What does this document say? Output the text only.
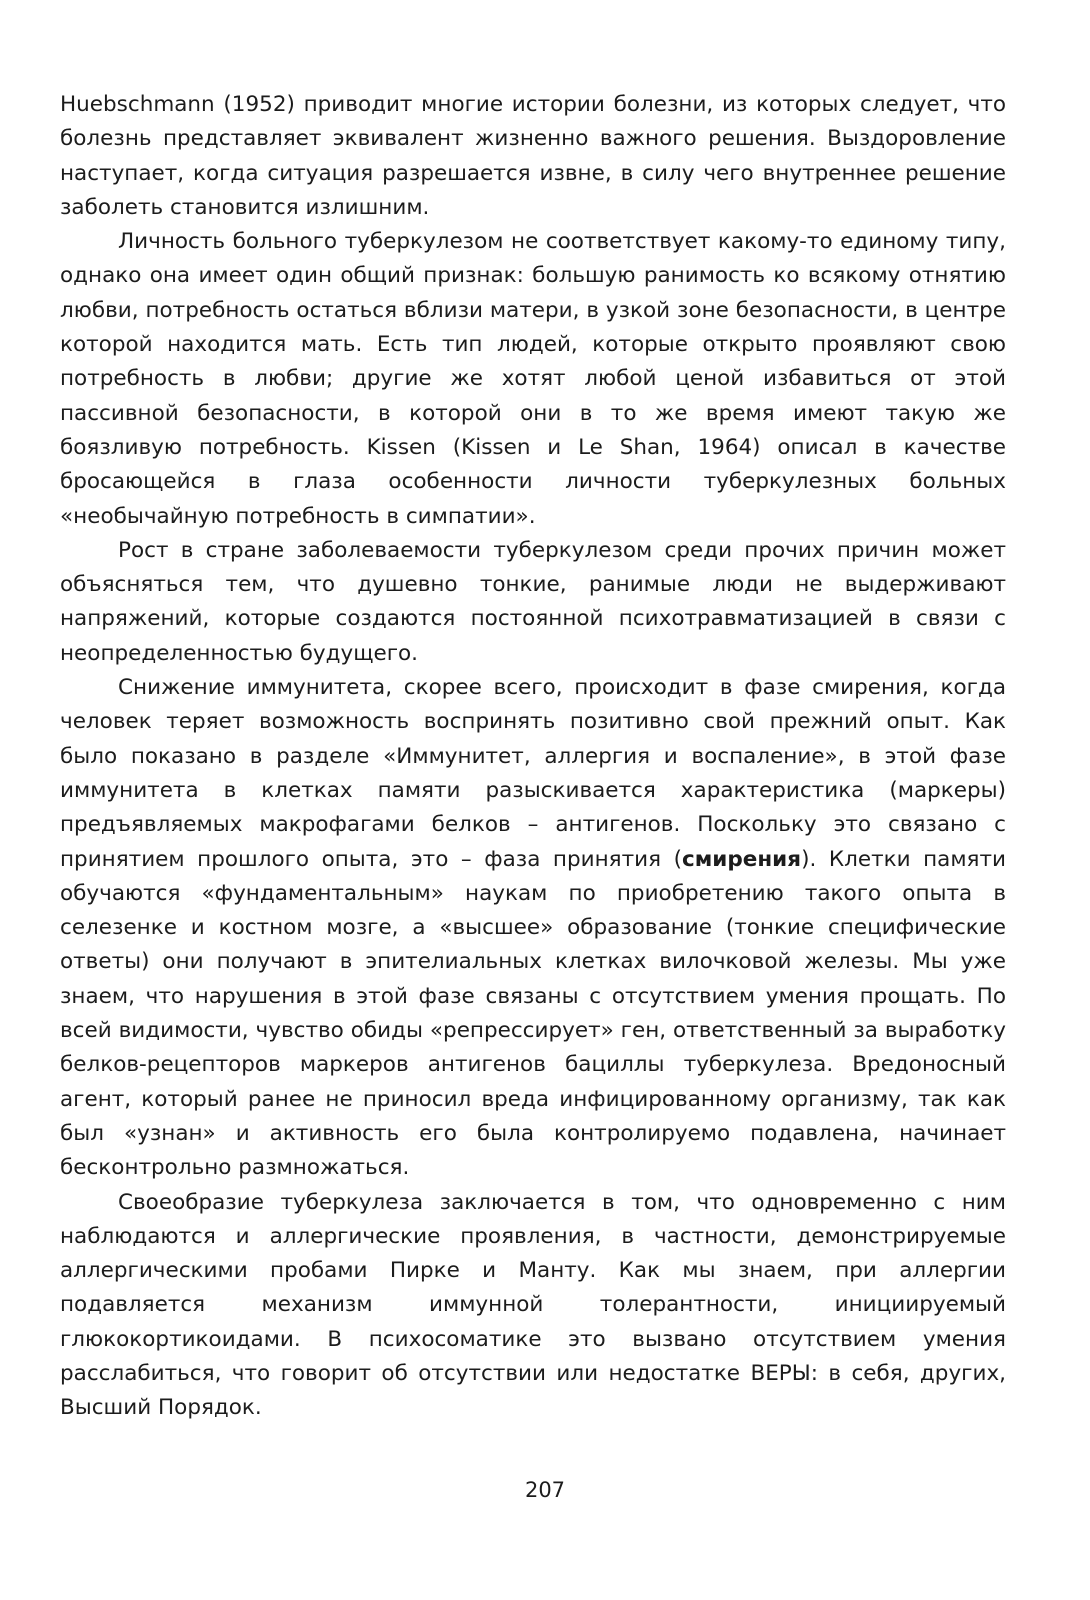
Huebschmann (1952) приводит многие истории болезни, из которых следует, что болезнь представляет эквивалент жизненно важного решения. Выздоровление наступает, когда ситуация разрешается извне, в силу чего внутреннее решение заболеть становится излишним.

Личность больного туберкулезом не соответствует какому-то единому типу, однако она имеет один общий признак: большую ранимость ко всякому отнятию любви, потребность остаться вблизи матери, в узкой зоне безопасности, в центре которой находится мать. Есть тип людей, которые открыто проявляют свою потребность в любви; другие же хотят любой ценой избавиться от этой пассивной безопасности, в которой они в то же время имеют такую же боязливую потребность. Kissen (Kissen и Le Shan, 1964) описал в качестве бросающейся в глаза особенности личности туберкулезных больных «необычайную потребность в симпатии».

Рост в стране заболеваемости туберкулезом среди прочих причин может объясняться тем, что душевно тонкие, ранимые люди не выдерживают напряжений, которые создаются постоянной психотравматизацией в связи с неопределенностью будущего.

Снижение иммунитета, скорее всего, происходит в фазе смирения, когда человек теряет возможность воспринять позитивно свой прежний опыт. Как было показано в разделе «Иммунитет, аллергия и воспаление», в этой фазе иммунитета в клетках памяти разыскивается характеристика (маркеры) предъявляемых макрофагами белков – антигенов. Поскольку это связано с принятием прошлого опыта, это – фаза принятия (смирения). Клетки памяти обучаются «фундаментальным» наукам по приобретению такого опыта в селезенке и костном мозге, а «высшее» образование (тонкие специфические ответы) они получают в эпителиальных клетках вилочковой железы. Мы уже знаем, что нарушения в этой фазе связаны с отсутствием умения прощать. По всей видимости, чувство обиды «репрессирует» ген, ответственный за выработку белков-рецепторов маркеров антигенов бациллы туберкулеза. Вредоносный агент, который ранее не приносил вреда инфицированному организму, так как был «узнан» и активность его была контролируемо подавлена, начинает бесконтрольно размножаться.

Своеобразие туберкулеза заключается в том, что одновременно с ним наблюдаются и аллергические проявления, в частности, демонстрируемые аллергическими пробами Пирке и Манту. Как мы знаем, при аллергии подавляется механизм иммунной толерантности, инициируемый глюкокортикоидами. В психосоматике это вызвано отсутствием умения расслабиться, что говорит об отсутствии или недостатке ВЕРЫ: в себя, других, Высший Порядок.

207
